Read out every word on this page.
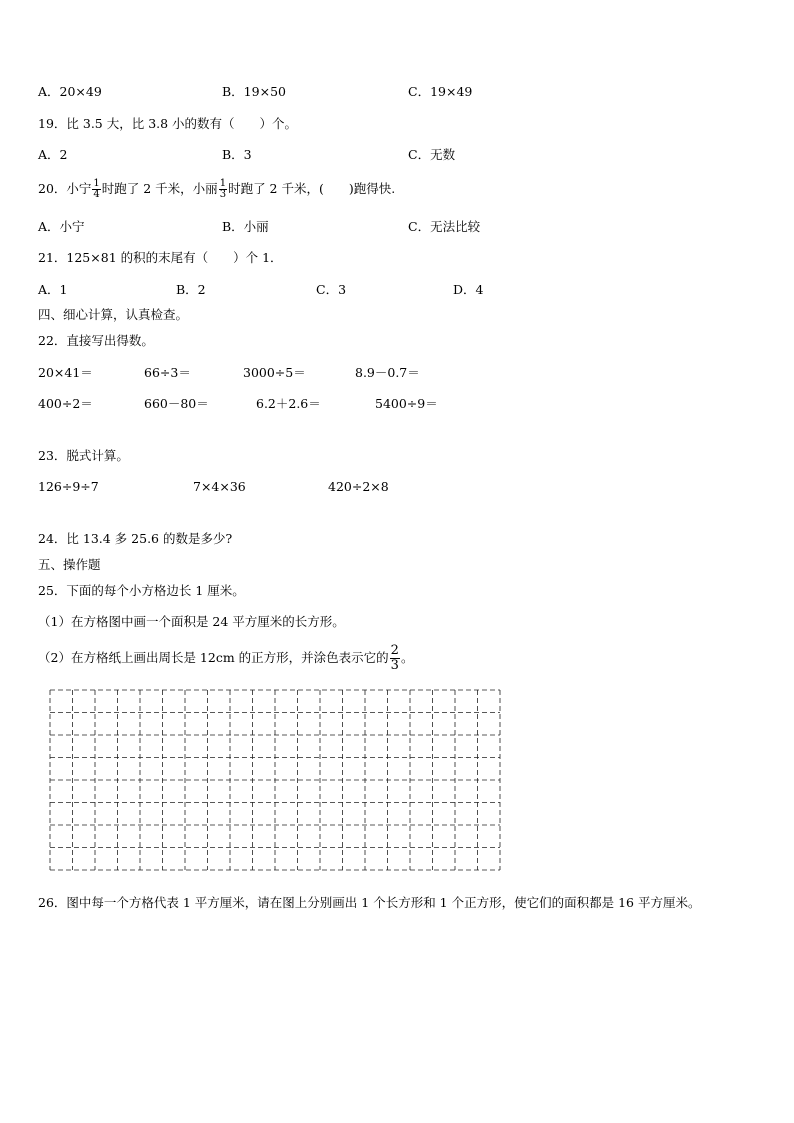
A．20×49	B．19×50	C．19×49
19．比 3.5 大，比 3.8 小的数有（　　）个。
A．2	B．3	C．无数
20．小宁 $\frac{1}{4}$ 时跑了 2 千米，小丽 $\frac{1}{3}$ 时跑了 2 千米，(　　)跑得快.
A．小宁	B．小丽	C．无法比较
21．125×81 的积的末尾有（　　）个 1．
A．1	B．2	C．3	D．4
四、细心计算，认真检查。
22．直接写出得数。
20×41＝	66÷3＝	3000÷5＝	8.9－0.7＝
400÷2＝	660－80＝	6.2＋2.6＝	5400÷9＝
23．脱式计算。
126÷9÷7	7×4×36	420÷2×8
24．比 13.4 多 25.6 的数是多少?
五、操作题
25．下面的每个小方格边长 1 厘米。
（1）在方格图中画一个面积是 24 平方厘米的长方形。
（2）在方格纸上画出周长是 12cm 的正方形，并涂色表示它的 $\frac{2}{3}$ 。
26．图中每一个方格代表 1 平方厘米，请在图上分别画出 1 个长方形和 1 个正方形，使它们的面积都是 16 平方厘米。
